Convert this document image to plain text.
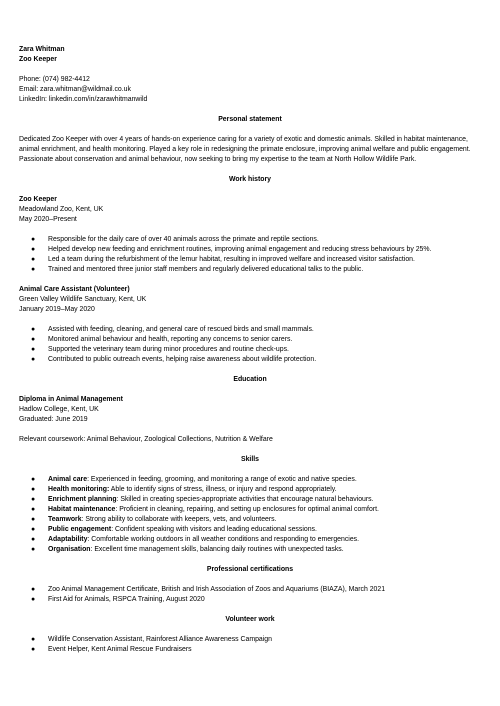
Zara Whitman

Zoo Keeper

Phone: (074) 982-4412

Email: zara.whitman@wildmail.co.uk

LinkedIn: linkedin.com/in/zarawhitmanwild

Personal statement

Dedicated Zoo Keeper with over 4 years of hands-on experience caring for a variety of exotic and domestic animals. Skilled in habitat maintenance, animal enrichment, and health monitoring. Played a key role in redesigning the primate enclosure, improving animal welfare and public engagement. Passionate about conservation and animal behaviour, now seeking to bring my expertise to the team at North Hollow Wildlife Park.

Work history

Zoo Keeper

Meadowland Zoo, Kent, UK

May 2020–Present

● Responsible for the daily care of over 40 animals across the primate and reptile sections.
● Helped develop new feeding and enrichment routines, improving animal engagement and reducing stress behaviours by 25%.
● Led a team during the refurbishment of the lemur habitat, resulting in improved welfare and increased visitor satisfaction.
● Trained and mentored three junior staff members and regularly delivered educational talks to the public.

Animal Care Assistant (Volunteer)

Green Valley Wildlife Sanctuary, Kent, UK

January 2019–May 2020

● Assisted with feeding, cleaning, and general care of rescued birds and small mammals.
● Monitored animal behaviour and health, reporting any concerns to senior carers.
● Supported the veterinary team during minor procedures and routine check-ups.
● Contributed to public outreach events, helping raise awareness about wildlife protection.

Education

Diploma in Animal Management

Hadlow College, Kent, UK

Graduated: June 2019

Relevant coursework: Animal Behaviour, Zoological Collections, Nutrition & Welfare

Skills

● Animal care: Experienced in feeding, grooming, and monitoring a range of exotic and native species.
● Health monitoring: Able to identify signs of stress, illness, or injury and respond appropriately.
● Enrichment planning: Skilled in creating species-appropriate activities that encourage natural behaviours.
● Habitat maintenance: Proficient in cleaning, repairing, and setting up enclosures for optimal animal comfort.
● Teamwork: Strong ability to collaborate with keepers, vets, and volunteers.
● Public engagement: Confident speaking with visitors and leading educational sessions.
● Adaptability: Comfortable working outdoors in all weather conditions and responding to emergencies.
● Organisation: Excellent time management skills, balancing daily routines with unexpected tasks.

Professional certifications

● Zoo Animal Management Certificate, British and Irish Association of Zoos and Aquariums (BIAZA), March 2021
● First Aid for Animals, RSPCA Training, August 2020

Volunteer work

● Wildlife Conservation Assistant, Rainforest Alliance Awareness Campaign
● Event Helper, Kent Animal Rescue Fundraisers
